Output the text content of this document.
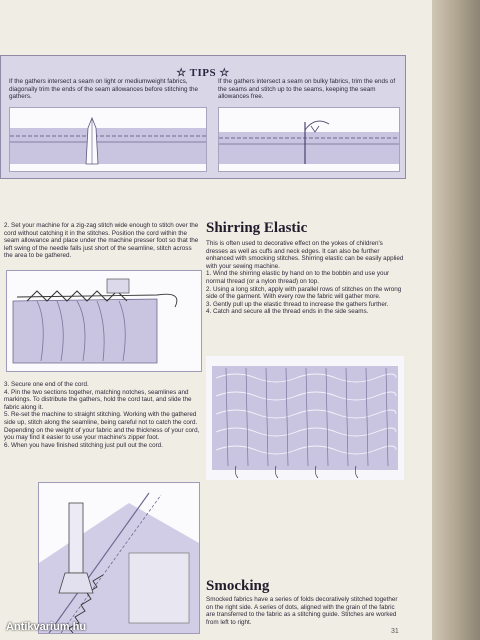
☆ TIPS ☆
If the gathers intersect a seam on light or mediumweight fabrics, diagonally trim the ends of the seam allowances before stitching the gathers.
If the gathers intersect a seam on bulky fabrics, trim the ends of the seams and stitch up to the seams, keeping the seam allowances free.
2. Set your machine for a zig-zag stitch wide enough to stitch over the cord without catching it in the stitches. Position the cord within the seam allowance and place under the machine presser foot so that the left swing of the needle falls just short of the seamline, stitch across the area to be gathered.
3. Secure one end of the cord.
4. Pin the two sections together, matching notches, seamlines and markings. To distribute the gathers, hold the cord taut, and slide the fabric along it.
5. Re-set the machine to straight stitching. Working with the gathered side up, stitch along the seamline, being careful not to catch the cord. Depending on the weight of your fabric and the thickness of your cord, you may find it easier to use your machine's zipper foot.
6. When you have finished stitching just pull out the cord.
Shirring Elastic
This is often used to decorative effect on the yokes of children's dresses as well as cuffs and neck edges. It can also be further enhanced with smocking stitches. Shirring elastic can be easily applied with your sewing machine.
1. Wind the shirring elastic by hand on to the bobbin and use your normal thread (or a nylon thread) on top.
2. Using a long stitch, apply with parallel rows of stitches on the wrong side of the garment. With every row the fabric will gather more.
3. Gently pull up the elastic thread to increase the gathers further.
4. Catch and secure all the thread ends in the side seams.
Smocking
Smocked fabrics have a series of folds decoratively stitched together on the right side. A series of dots, aligned with the grain of the fabric are transferred to the fabric as a stitching guide. Stitches are worked from left to right.
31
Antikvarium.hu
